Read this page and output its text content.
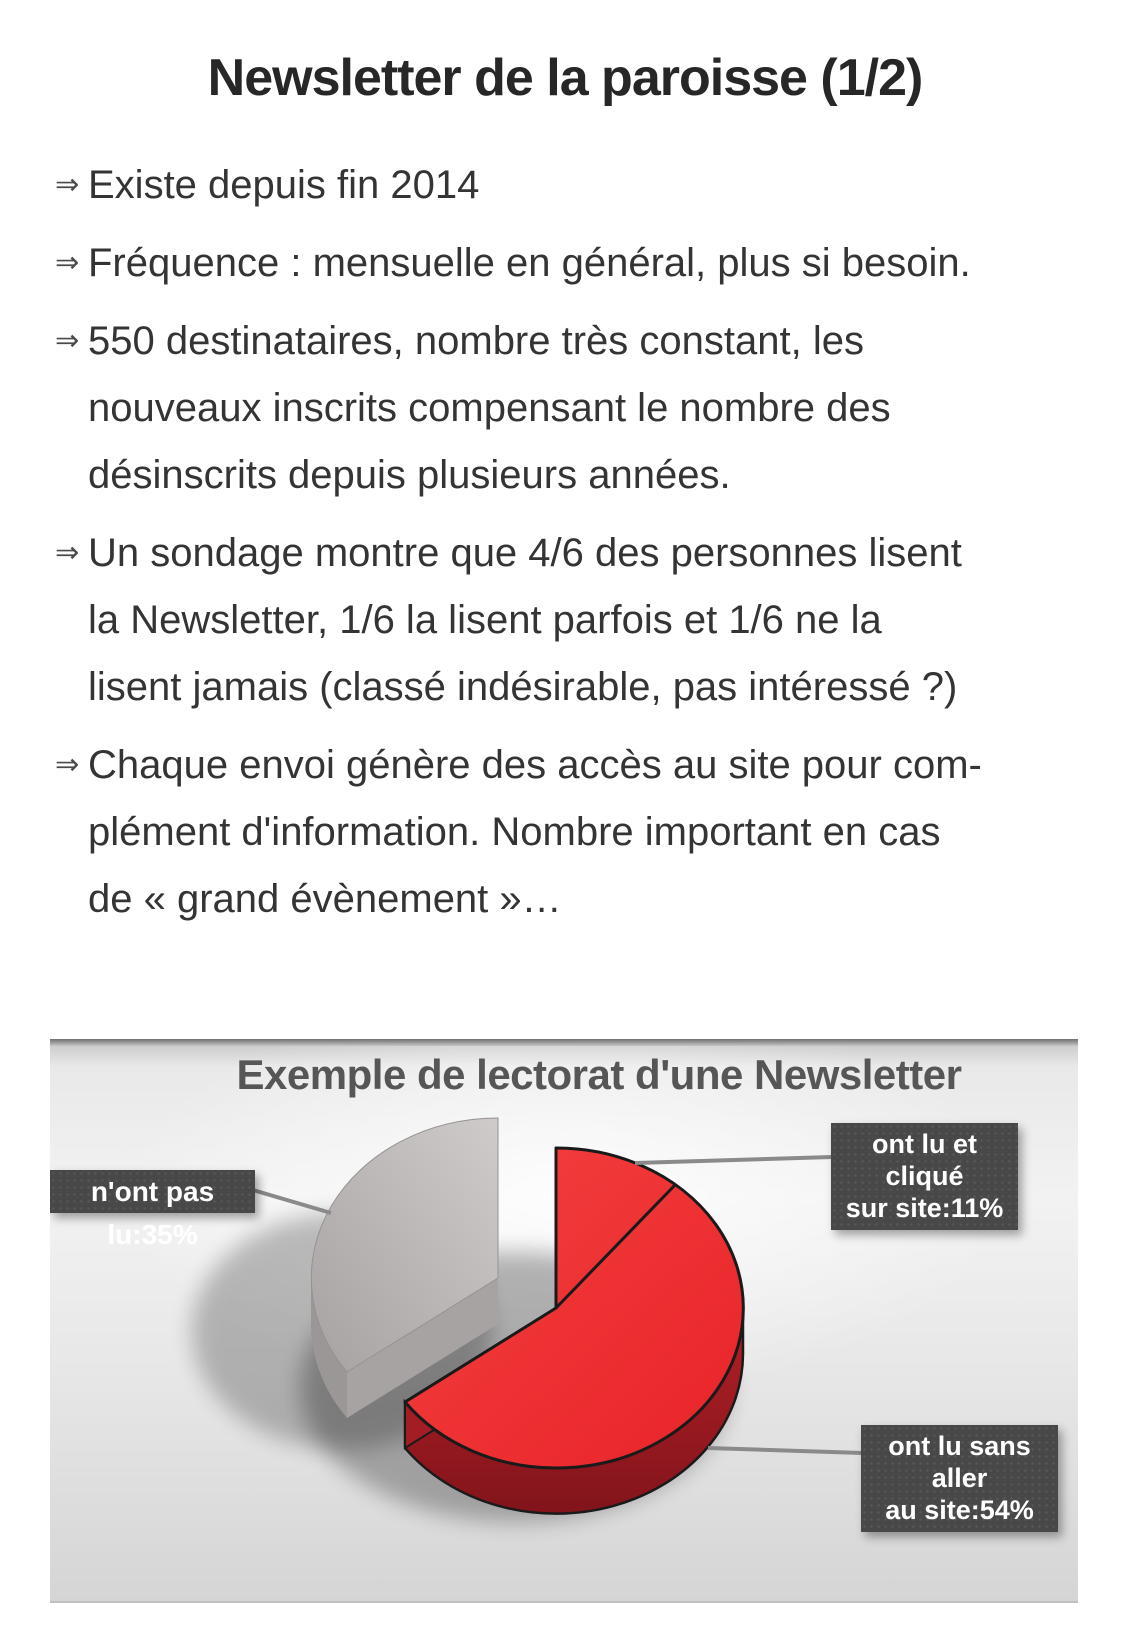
Newsletter de la paroisse (1/2)
⇒ Existe depuis fin 2014
⇒ Fréquence : mensuelle en général, plus si besoin.
⇒ 550 destinataires, nombre très constant, les
nouveaux inscrits compensant le nombre des
désinscrits depuis plusieurs années.
⇒ Un sondage montre que 4/6 des personnes lisent
la Newsletter, 1/6 la lisent parfois et 1/6 ne la
lisent jamais (classé indésirable, pas intéressé ?)
⇒ Chaque envoi génère des accès au site pour com-
plément d'information. Nombre important en cas
de « grand évènement »…
Exemple de lectorat d'une Newsletter
n'ont pas lu:35%
ont lu et cliqué
sur site:11%
ont lu sans aller
au site:54%
